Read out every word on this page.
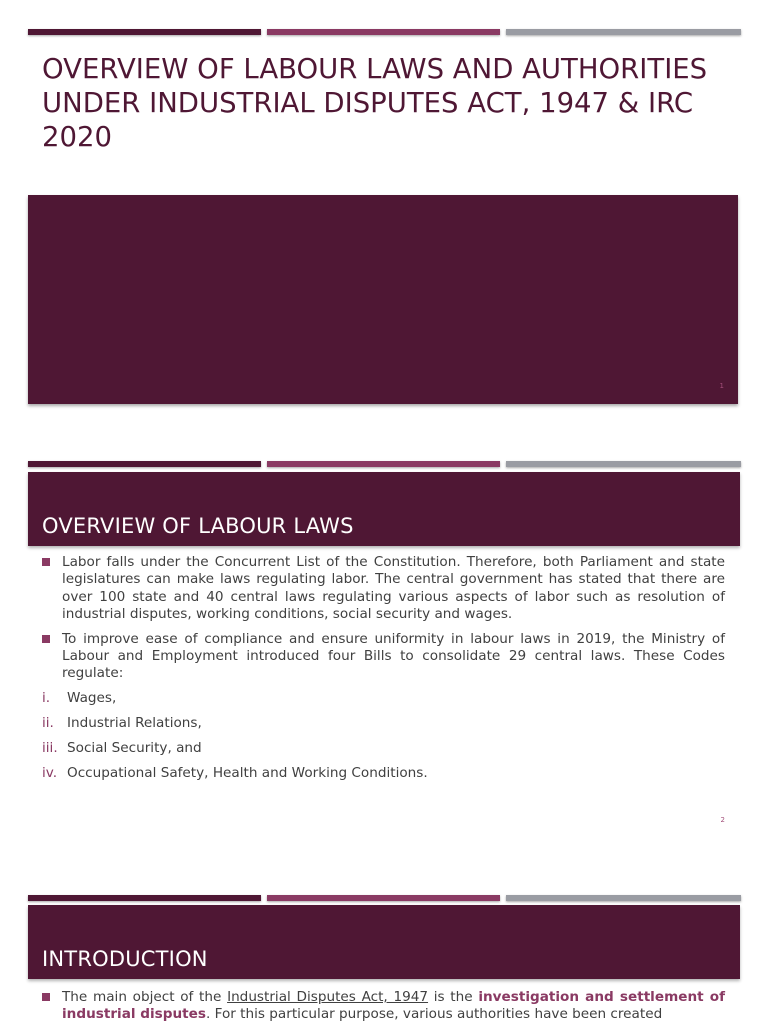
OVERVIEW OF LABOUR LAWS AND AUTHORITIES UNDER INDUSTRIAL DISPUTES ACT, 1947 & IRC 2020
1
OVERVIEW OF LABOUR LAWS

Labor falls under the Concurrent List of the Constitution. Therefore, both Parliament and state legislatures can make laws regulating labor. The central government has stated that there are over 100 state and 40 central laws regulating various aspects of labor such as resolution of industrial disputes, working conditions, social security and wages.

To improve ease of compliance and ensure uniformity in labour laws in 2019, the Ministry of Labour and Employment introduced four Bills to consolidate 29 central laws. These Codes regulate:

i. Wages,

ii. Industrial Relations,

iii. Social Security, and

iv. Occupational Safety, Health and Working Conditions.

2
INTRODUCTION

The main object of the Industrial Disputes Act, 1947 is the investigation and settlement of industrial disputes. For this particular purpose, various authorities have been created
